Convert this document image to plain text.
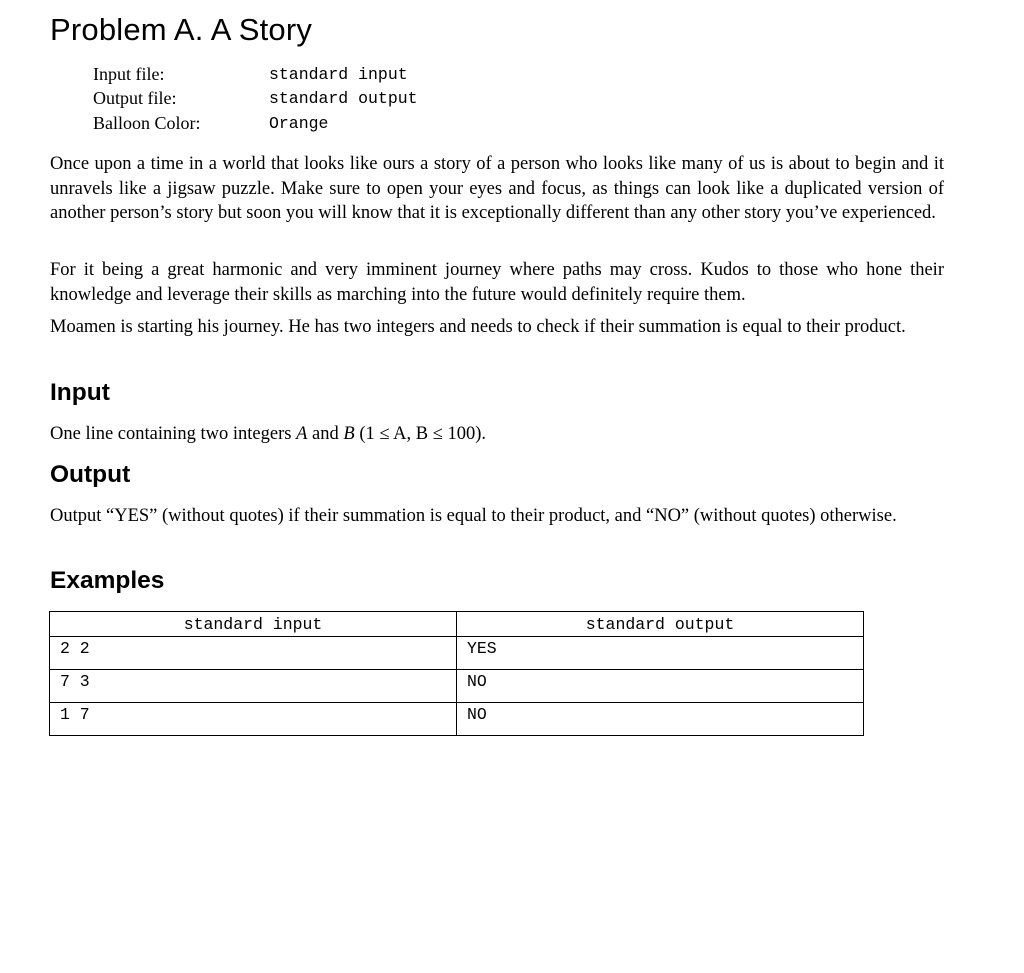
Problem A. A Story
Input file:	standard input
Output file:	standard output
Balloon Color:	Orange

Once upon a time in a world that looks like ours a story of a person who looks like many of us is about to begin and it unravels like a jigsaw puzzle. Make sure to open your eyes and focus, as things can look like a duplicated version of another person’s story but soon you will know that it is exceptionally different than any other story you’ve experienced.

For it being a great harmonic and very imminent journey where paths may cross. Kudos to those who hone their knowledge and leverage their skills as marching into the future would definitely require them.

Moamen is starting his journey. He has two integers and needs to check if their summation is equal to their product.

Input

One line containing two integers A and B (1 ≤ A, B ≤ 100).

Output

Output “YES” (without quotes) if their summation is equal to their product, and “NO” (without quotes) otherwise.

Examples
standard input	standard output
2 2	YES
7 3	NO
1 7	NO
